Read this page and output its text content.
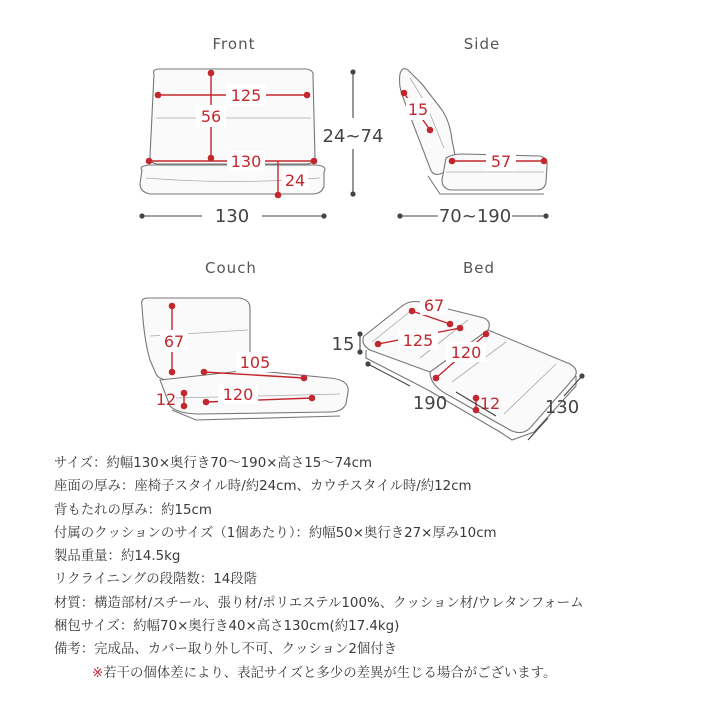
Front
125
56
130
24
130
24~74
Side
15
57
70~190
Couch
67
105
120
12
Bed
67
125
120
12
15
190	130
サイズ：約幅130×奥行き70〜190×高さ15〜74cm
座面の厚み：座椅子スタイル時/約24cm、カウチスタイル時/約12cm
背もたれの厚み：約15cm
付属のクッションのサイズ（1個あたり）：約幅50×奥行き27×厚み10cm
製品重量：約14.5kg
リクライニングの段階数：14段階
材質：構造部材/スチール、張り材/ポリエステル100%、クッション材/ウレタンフォーム
梱包サイズ：約幅70×奥行き40×高さ130cm(約17.4kg)
備考：完成品、カバー取り外し不可、クッション2個付き
※若干の個体差により、表記サイズと多少の差異が生じる場合がございます。
